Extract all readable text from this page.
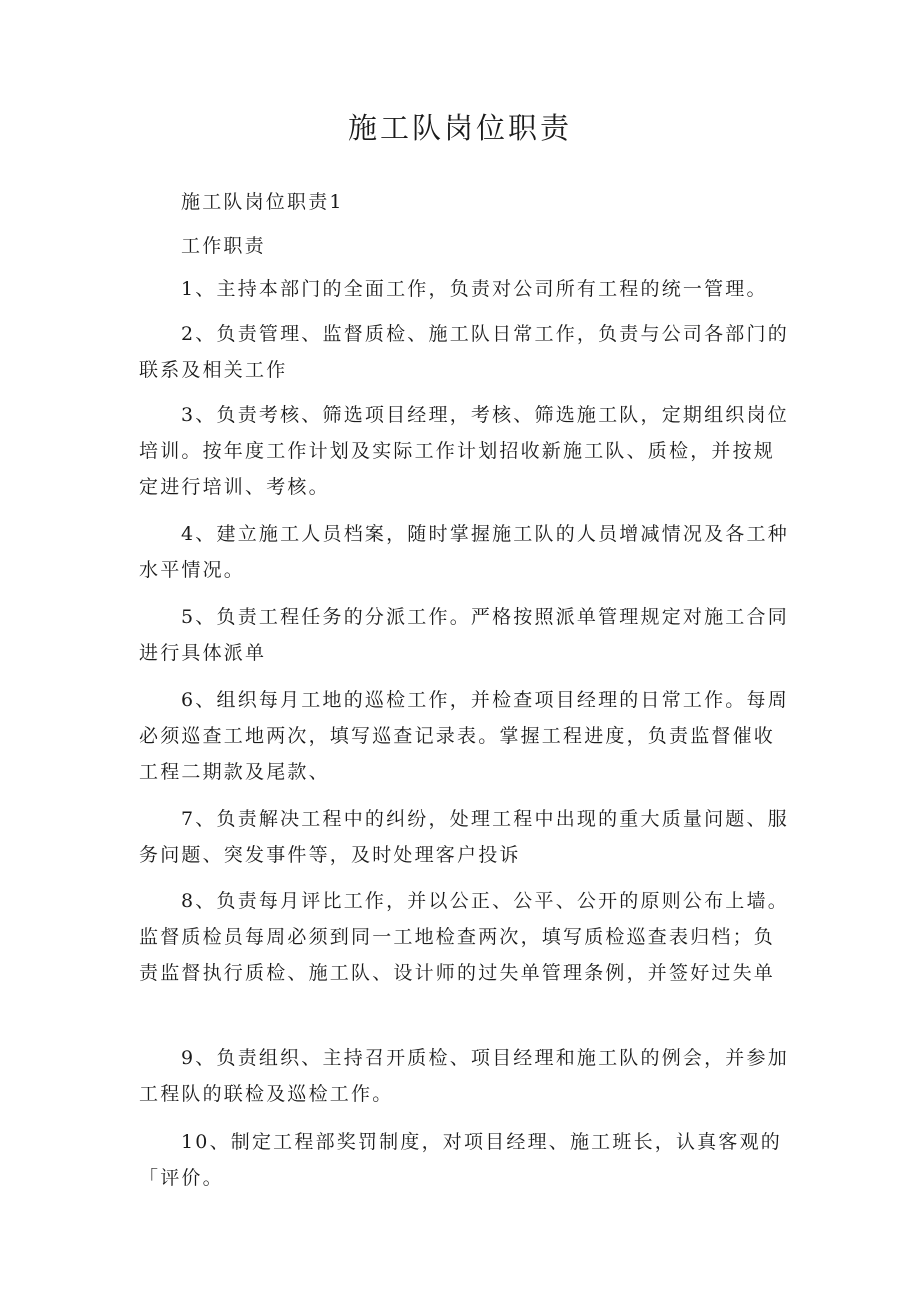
施工队岗位职责

施工队岗位职责1

工作职责

1、主持本部门的全面工作，负责对公司所有工程的统一管理。

2、负责管理、监督质检、施工队日常工作，负责与公司各部门的联系及相关工作

3、负责考核、筛选项目经理，考核、筛选施工队，定期组织岗位培训。按年度工作计划及实际工作计划招收新施工队、质检，并按规定进行培训、考核。

4、建立施工人员档案，随时掌握施工队的人员增减情况及各工种水平情况。

5、负责工程任务的分派工作。严格按照派单管理规定对施工合同进行具体派单

6、组织每月工地的巡检工作，并检查项目经理的日常工作。每周必须巡查工地两次，填写巡查记录表。掌握工程进度，负责监督催收工程二期款及尾款、

7、负责解决工程中的纠纷，处理工程中出现的重大质量问题、服务问题、突发事件等，及时处理客户投诉

8、负责每月评比工作，并以公正、公平、公开的原则公布上墙。监督质检员每周必须到同一工地检查两次，填写质检巡查表归档；负责监督执行质检、施工队、设计师的过失单管理条例，并签好过失单

9、负责组织、主持召开质检、项目经理和施工队的例会，并参加工程队的联检及巡检工作。

10、制定工程部奖罚制度，对项目经理、施工班长，认真客观的「评价。
